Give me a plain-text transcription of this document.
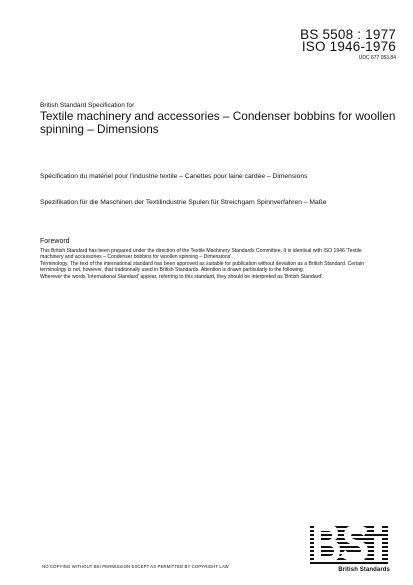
BS 5508 : 1977
ISO 1946-1976
UDC 677.053.84
British Standard Specification for
Textile machinery and accessories – Condenser bobbins for woollen spinning – Dimensions
Spécification du matériel pour l'industrie textile – Canettes pour laine cardée – Dimensions
Spezifikation für die Maschinen der Textilindustrie Spulen für Streichgarn Spinnverfahren – Maße
Foreword

This British Standard has been prepared under the direction of the Textile Machinery Standards Committee. It is identical with ISO 1946 'Textile machinery and accessories – Condenser bobbins for woollen spinning – Dimensions'.

Terminology. The text of the international standard has been approved as suitable for publication without deviation as a British Standard. Certain terminology is not, however, that traditionally used in British Standards. Attention is drawn particularly to the following.

Wherever the words 'International Standard' appear, referring to this standard, they should be interpreted as 'British Standard'.

NO COPYING WITHOUT BSI PERMISSION EXCEPT AS PERMITTED BY COPYRIGHT LAW
British Standards
